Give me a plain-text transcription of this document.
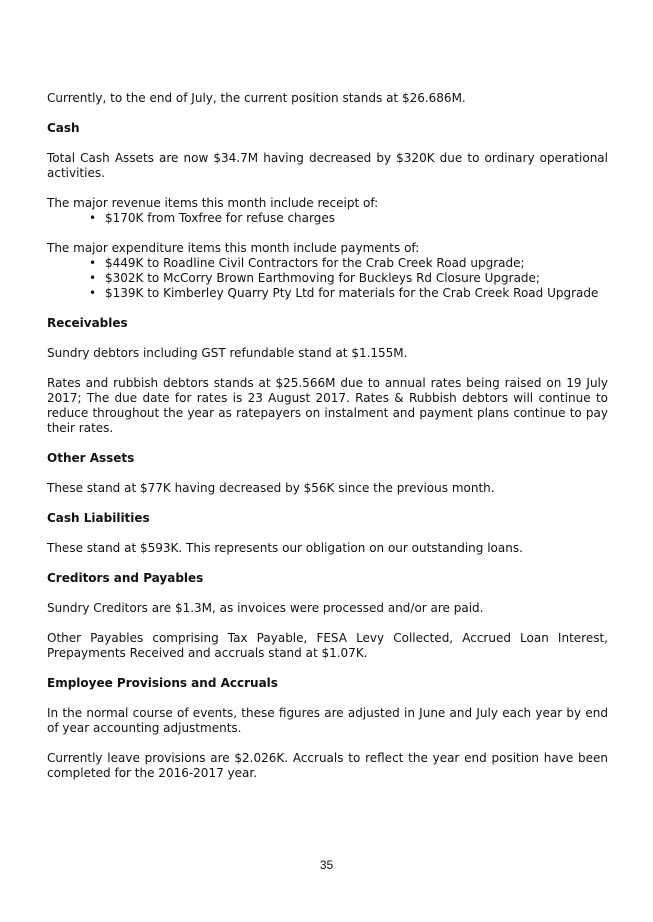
Currently, to the end of July, the current position stands at $26.686M.

Cash

Total Cash Assets are now $34.7M having decreased by $320K due to ordinary operational activities.

The major revenue items this month include receipt of:

• $170K from Toxfree for refuse charges

The major expenditure items this month include payments of:

• $449K to Roadline Civil Contractors for the Crab Creek Road upgrade;
• $302K to McCorry Brown Earthmoving for Buckleys Rd Closure Upgrade;
• $139K to Kimberley Quarry Pty Ltd for materials for the Crab Creek Road Upgrade
Receivables

Sundry debtors including GST refundable stand at $1.155M.

Rates and rubbish debtors stands at $25.566M due to annual rates being raised on 19 July 2017; The due date for rates is 23 August 2017. Rates & Rubbish debtors will continue to reduce throughout the year as ratepayers on instalment and payment plans continue to pay their rates.

Other Assets

These stand at $77K having decreased by $56K since the previous month.

Cash Liabilities

These stand at $593K. This represents our obligation on our outstanding loans.

Creditors and Payables

Sundry Creditors are $1.3M, as invoices were processed and/or are paid.

Other Payables comprising Tax Payable, FESA Levy Collected, Accrued Loan Interest, Prepayments Received and accruals stand at $1.07K.

Employee Provisions and Accruals

In the normal course of events, these figures are adjusted in June and July each year by end of year accounting adjustments.

Currently leave provisions are $2.026K. Accruals to reflect the year end position have been completed for the 2016-2017 year.

35
